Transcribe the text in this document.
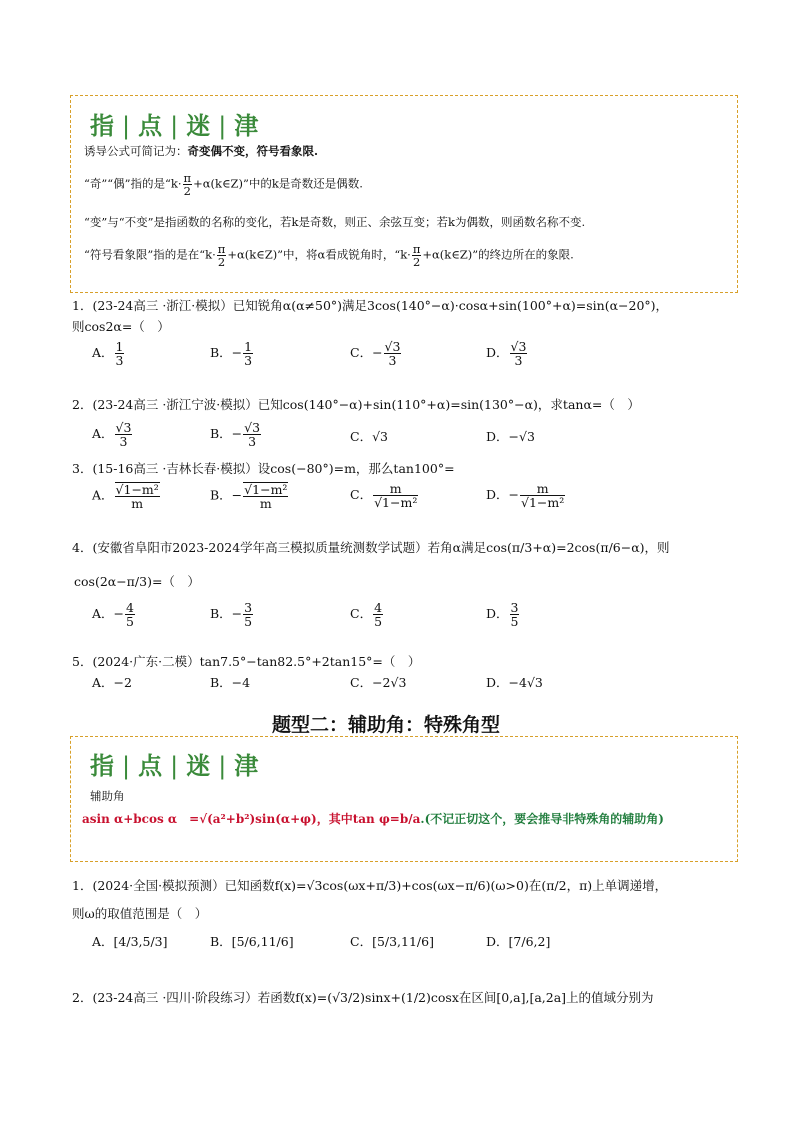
指 | 点 | 迷 | 津
诱导公式可简记为：奇变偶不变，符号看象限.
“奇”“偶”指的是“$k\cdot \frac{\pi}{2}$ +α(k∈Z)”中的k是奇数还是偶数.
“变”与“不变”是指函数的名称的变化，若k是奇数，则正、余弦互变；若k为偶数，则函数名称不变.
“符号看象限”指的是在“$k\cdot \frac{\pi}{2}$ +α(k∈Z)”中，将α看成锐角时，“$k\cdot \frac{\pi}{2}$ +α(k∈Z)”的终边所在的象限.
1．(23-24高三 ·浙江·模拟）已知锐角α(α≠50°)满足3cos(140°−α)·cosα+sin(100°+α)=sin(α−20°)，
则cos2α=（　）
A． $\frac{1}{3}$	B．− $\frac{1}{3}$	C．− $\frac{√3}{3}$	D． $\frac{√3}{3}$
2．(23-24高三 ·浙江宁波·模拟）已知cos(140°−α)+sin(110°+α)=sin(130°−α)，求tanα=（　）
A． $\frac{√3}{3}$	B．− $\frac{√3}{3}$	C．√3	D．−√3
3．(15-16高三 ·吉林长春·模拟）设cos(−80°)=m，那么tan100°=
A． $\frac{\text{√1−m²}}{m}$	B．− $\frac{\text{√1−m²}}{m}$	C． $\frac{m}{\text{√1−m²}}$	D．− $\frac{m}{\text{√1−m²}}$
4．(安徽省阜阳市2023-2024学年高三模拟质量统测数学试题）若角α满足cos(π/3+α)=2cos(π/6−α)，则
cos(2α−π/3)=（　）
A．− $\frac{4}{5}$	B．− $\frac{3}{5}$	C． $\frac{4}{5}$	D． $\frac{3}{5}$
5．(2024·广东·二模）tan7.5°−tan82.5°+2tan15°=（　）
A．−2	B．−4	C．−2√3	D．−4√3
题型二：辅助角：特殊角型
指 | 点 | 迷 | 津
辅助角
asin α+bcos α　=√(a²+b²)sin(α+φ)，其中tan φ=b/a.(不记正切这个，要会推导非特殊角的辅助角)
1．(2024·全国·模拟预测）已知函数f(x)=√3cos(ωx+π/3)+cos(ωx−π/6)(ω>0)在(π/2，π)上单调递增，
则ω的取值范围是（　）
A．[4/3,5/3]	B．[5/6,11/6]	C．[5/3,11/6]	D．[7/6,2]
2．(23-24高三 ·四川·阶段练习）若函数f(x)=(√3/2)sinx+(1/2)cosx在区间[0,a],[a,2a]上的值域分别为
